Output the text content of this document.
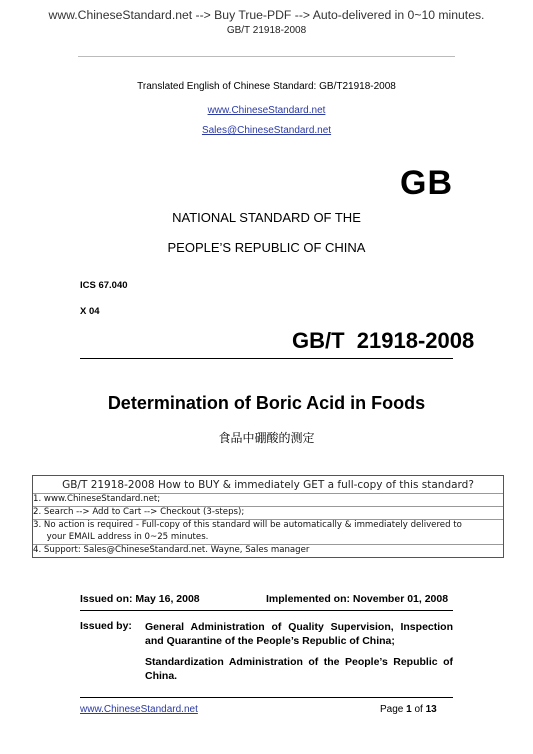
www.ChineseStandard.net --> Buy True-PDF --> Auto-delivered in 0~10 minutes.
GB/T 21918-2008
Translated English of Chinese Standard: GB/T21918-2008
www.ChineseStandard.net
Sales@ChineseStandard.net
GB
NATIONAL STANDARD OF THE
PEOPLE’S REPUBLIC OF CHINA
ICS 67.040
X 04
GB/T  21918-2008
Determination of Boric Acid in Foods
食品中硼酸的测定
GB/T 21918-2008 How to BUY & immediately GET a full-copy of this standard?
1. www.ChineseStandard.net;
2. Search --> Add to Cart --> Checkout (3-steps);
3. No action is required - Full-copy of this standard will be automatically & immediately delivered to
your EMAIL address in 0~25 minutes.
4. Support: Sales@ChineseStandard.net. Wayne, Sales manager
Issued on: May 16, 2008	Implemented on: November 01, 2008
Issued by: General Administration of Quality Supervision, Inspection and Quarantine of the People’s Republic of China;
Standardization Administration of the People’s Republic of China.
www.ChineseStandard.net	Page 1 of 13
